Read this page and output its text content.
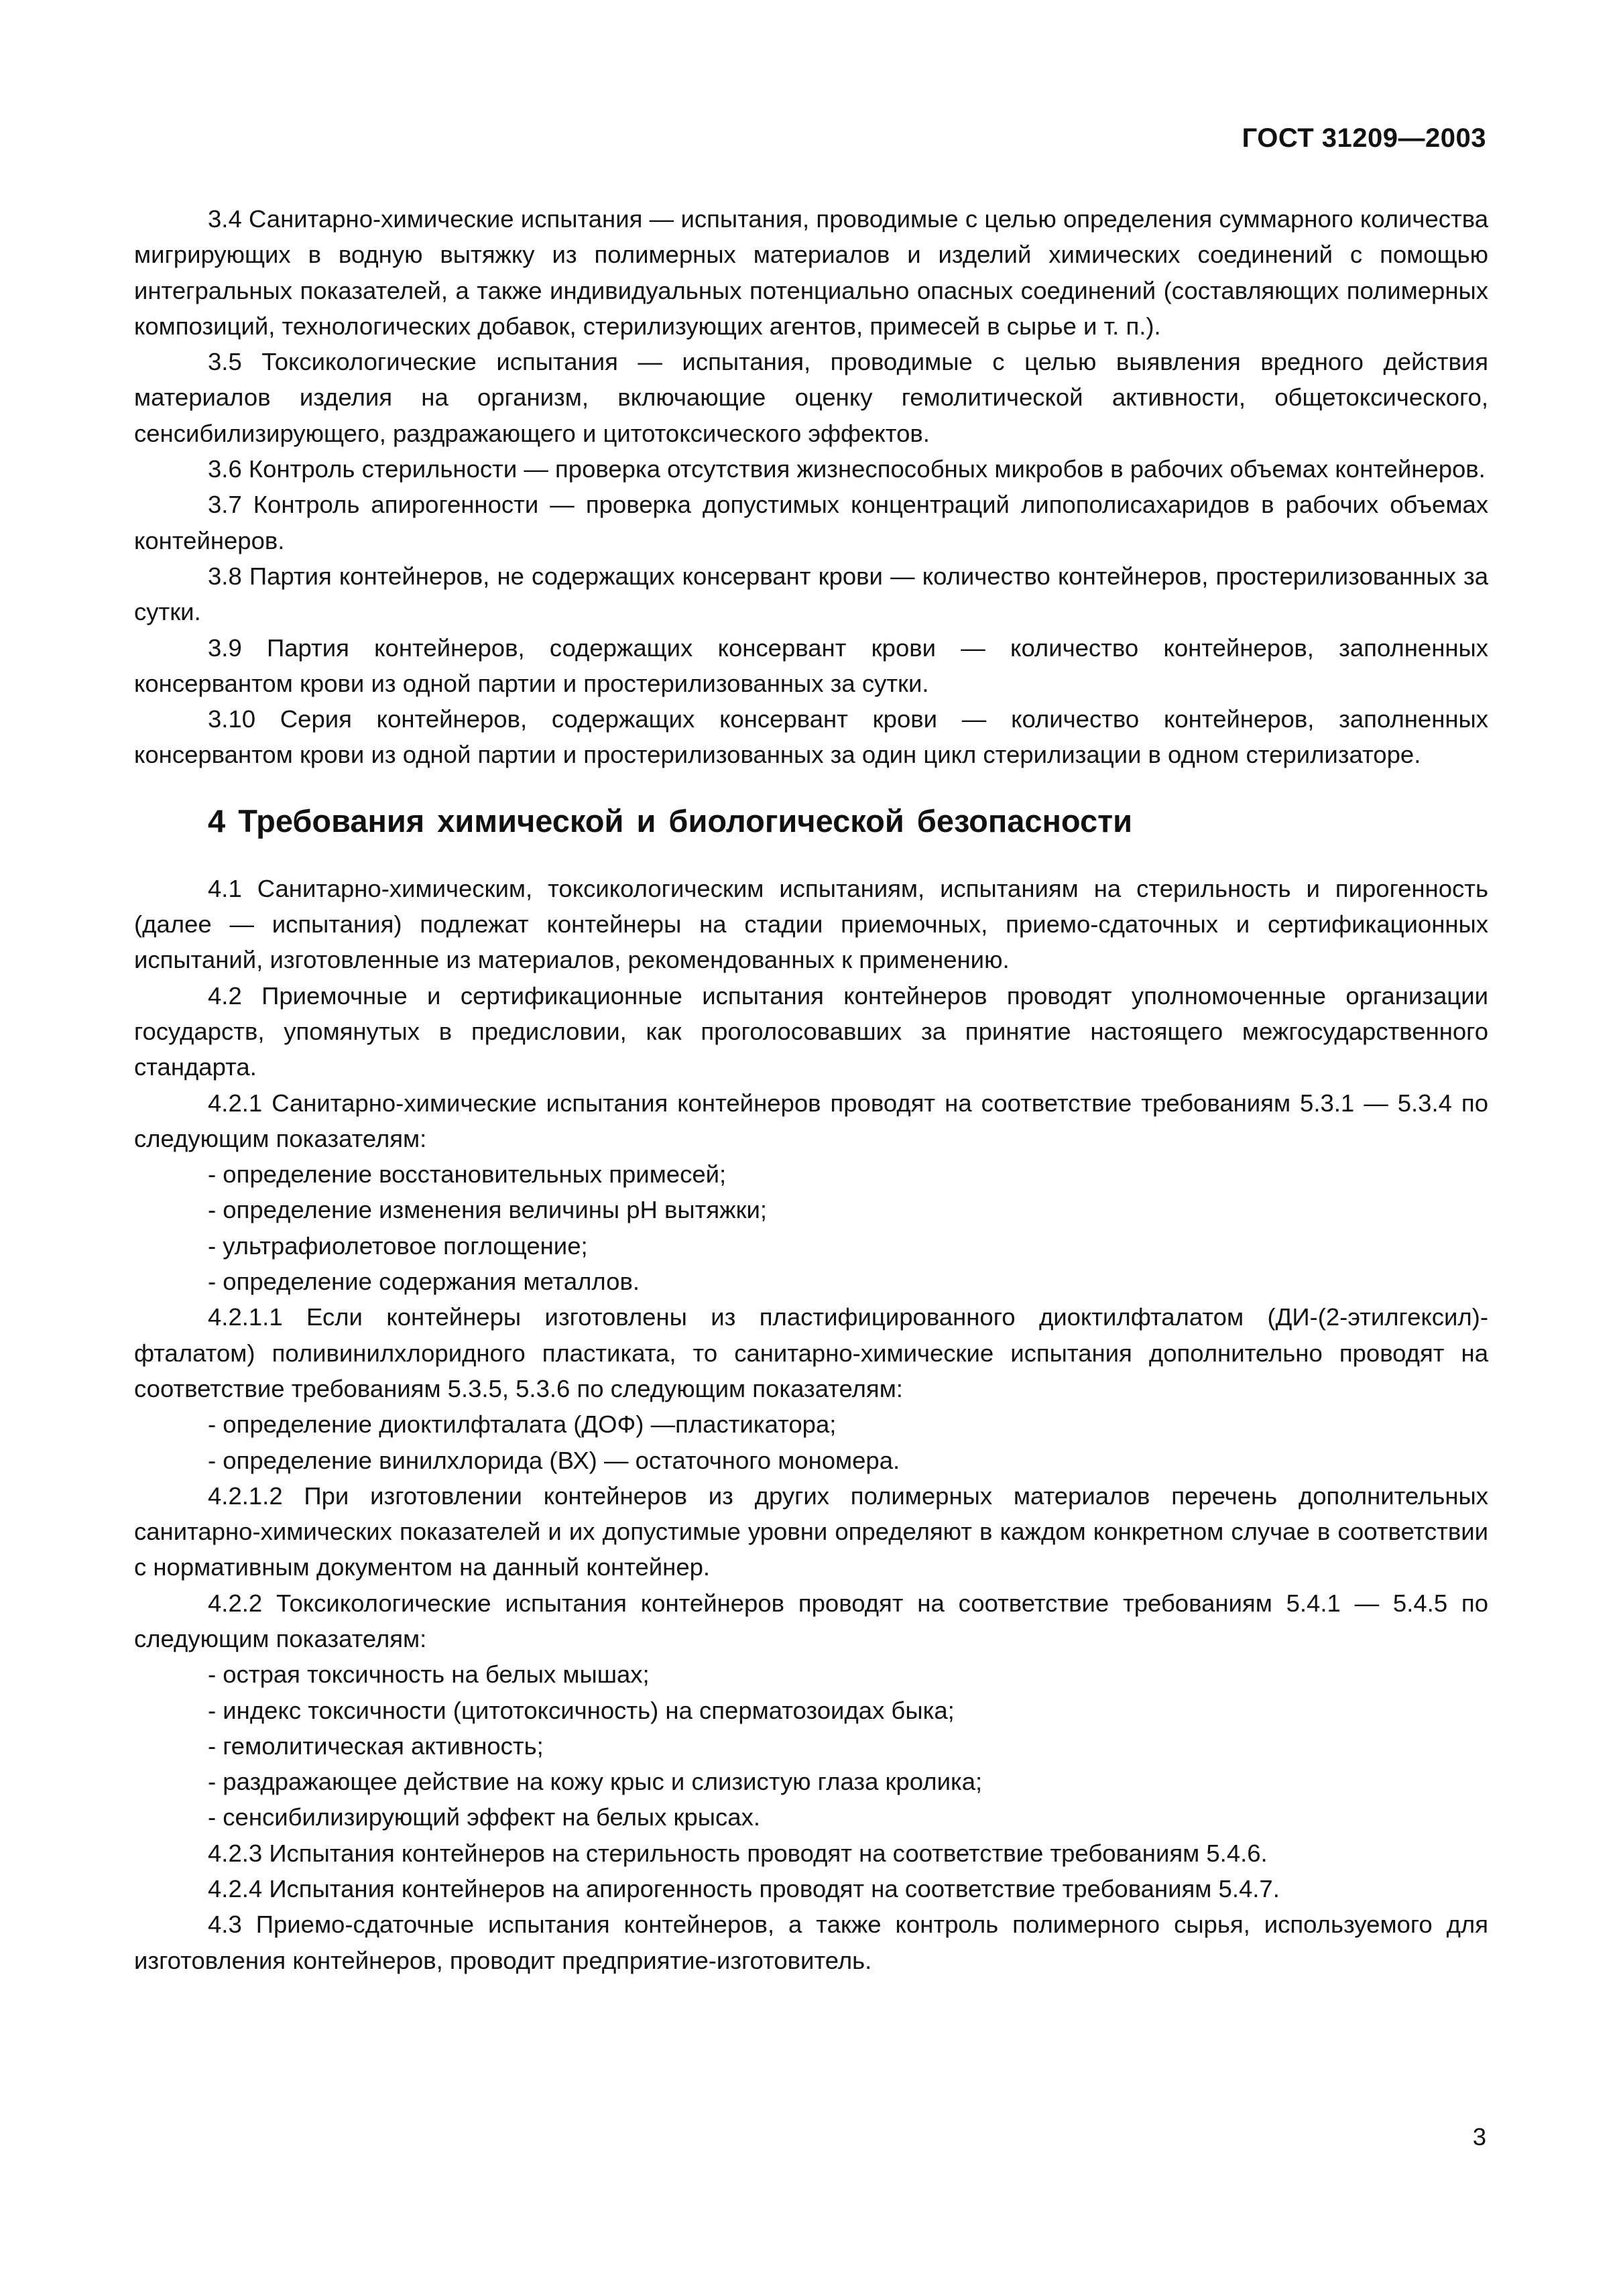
ГОСТ 31209—2003

3.4 Санитарно-химические испытания — испытания, проводимые с целью определения суммарного количества мигрирующих в водную вытяжку из полимерных материалов и изделий химических соединений с помощью интегральных показателей, а также индивидуальных потенциально опасных соединений (составляющих полимерных композиций, технологических добавок, стерилизующих агентов, примесей в сырье и т. п.).

3.5 Токсикологические испытания — испытания, проводимые с целью выявления вредного действия материалов изделия на организм, включающие оценку гемолитической активности, общетоксического, сенсибилизирующего, раздражающего и цитотоксического эффектов.

3.6 Контроль стерильности — проверка отсутствия жизнеспособных микробов в рабочих объемах контейнеров.

3.7 Контроль апирогенности — проверка допустимых концентраций липополисахаридов в рабочих объемах контейнеров.

3.8 Партия контейнеров, не содержащих консервант крови — количество контейнеров, простерилизованных за сутки.

3.9 Партия контейнеров, содержащих консервант крови — количество контейнеров, заполненных консервантом крови из одной партии и простерилизованных за сутки.

3.10 Серия контейнеров, содержащих консервант крови — количество контейнеров, заполненных консервантом крови из одной партии и простерилизованных за один цикл стерилизации в одном стерилизаторе.

4 Требования химической и биологической безопасности

4.1 Санитарно-химическим, токсикологическим испытаниям, испытаниям на стерильность и пирогенность (далее — испытания) подлежат контейнеры на стадии приемочных, приемо-сдаточных и сертификационных испытаний, изготовленные из материалов, рекомендованных к применению.

4.2 Приемочные и сертификационные испытания контейнеров проводят уполномоченные организации государств, упомянутых в предисловии, как проголосовавших за принятие настоящего межгосударственного стандарта.

4.2.1 Санитарно-химические испытания контейнеров проводят на соответствие требованиям 5.3.1 — 5.3.4 по следующим показателям:

- определение восстановительных примесей;

- определение изменения величины pH вытяжки;

- ультрафиолетовое поглощение;

- определение содержания металлов.

4.2.1.1 Если контейнеры изготовлены из пластифицированного диоктилфталатом (ДИ-(2-этилгексил)-фталатом) поливинилхлоридного пластиката, то санитарно-химические испытания дополнительно проводят на соответствие требованиям 5.3.5, 5.3.6 по следующим показателям:

- определение диоктилфталата (ДОФ) —пластикатора;

- определение винилхлорида (ВХ) — остаточного мономера.

4.2.1.2 При изготовлении контейнеров из других полимерных материалов перечень дополнительных санитарно-химических показателей и их допустимые уровни определяют в каждом конкретном случае в соответствии с нормативным документом на данный контейнер.

4.2.2 Токсикологические испытания контейнеров проводят на соответствие требованиям 5.4.1 — 5.4.5 по следующим показателям:

- острая токсичность на белых мышах;

- индекс токсичности (цитотоксичность) на сперматозоидах быка;

- гемолитическая активность;

- раздражающее действие на кожу крыс и слизистую глаза кролика;

- сенсибилизирующий эффект на белых крысах.

4.2.3 Испытания контейнеров на стерильность проводят на соответствие требованиям 5.4.6.

4.2.4 Испытания контейнеров на апирогенность проводят на соответствие требованиям 5.4.7.

4.3 Приемо-сдаточные испытания контейнеров, а также контроль полимерного сырья, используемого для изготовления контейнеров, проводит предприятие-изготовитель.

3
